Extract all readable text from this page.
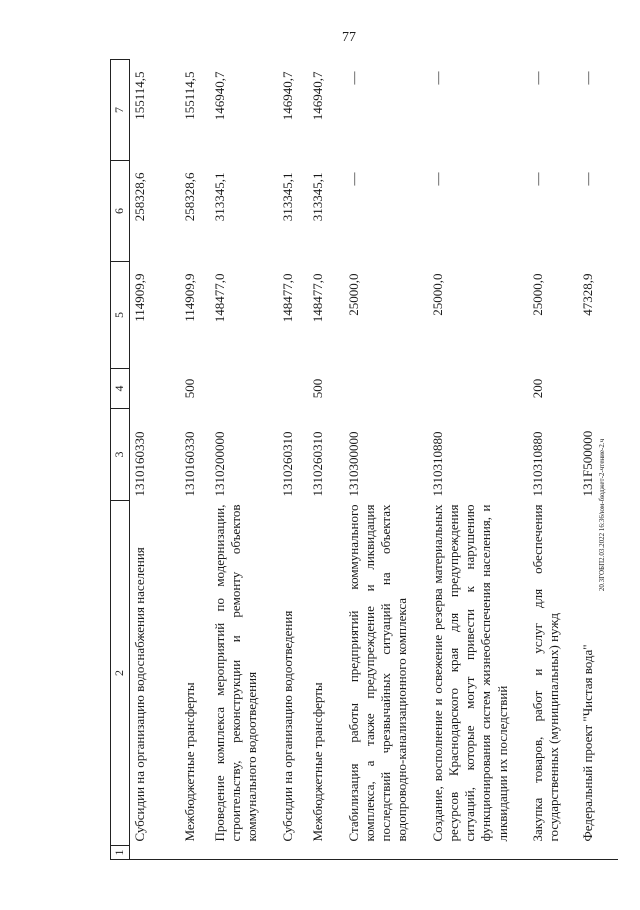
77
20.3ГОБП2.03.2022 16:36/юм-бюджет-2-чтение-2.ч
1	2	3	4	5	6	7
	Субсидии на организацию водоснабжения населения	1310160330		114909,9	258328,6	155114,5
	Межбюджетные трансферты	1310160330	500	114909,9	258328,6	155114,5
	Проведение комплекса мероприятий по модернизации, строительству, реконструкции и ремонту объектов коммунального водоотведения	1310200000		148477,0	313345,1	146940,7
	Субсидии на организацию водоотведения	1310260310		148477,0	313345,1	146940,7
	Межбюджетные трансферты	1310260310	500	148477,0	313345,1	146940,7
	Стабилизация работы предприятий коммунального комплекса, а также предупреждение и ликвидация последствий чрезвычайных ситуаций на объектах водопроводно-канализационного комплекса	1310300000		25000,0	—	—
	Создание, восполнение и освежение резерва материальных ресурсов Краснодарского края для предупреждения ситуаций, которые могут привести к нарушению функционирования систем жизнеобеспечения населения, и ликвидации их последствий	1310310880		25000,0	—	—
	Закупка товаров, работ и услуг для обеспечения государственных (муниципальных) нужд	1310310880	200	25000,0	—	—
	Федеральный проект "Чистая вода"	131F500000		47328,9	—	—
